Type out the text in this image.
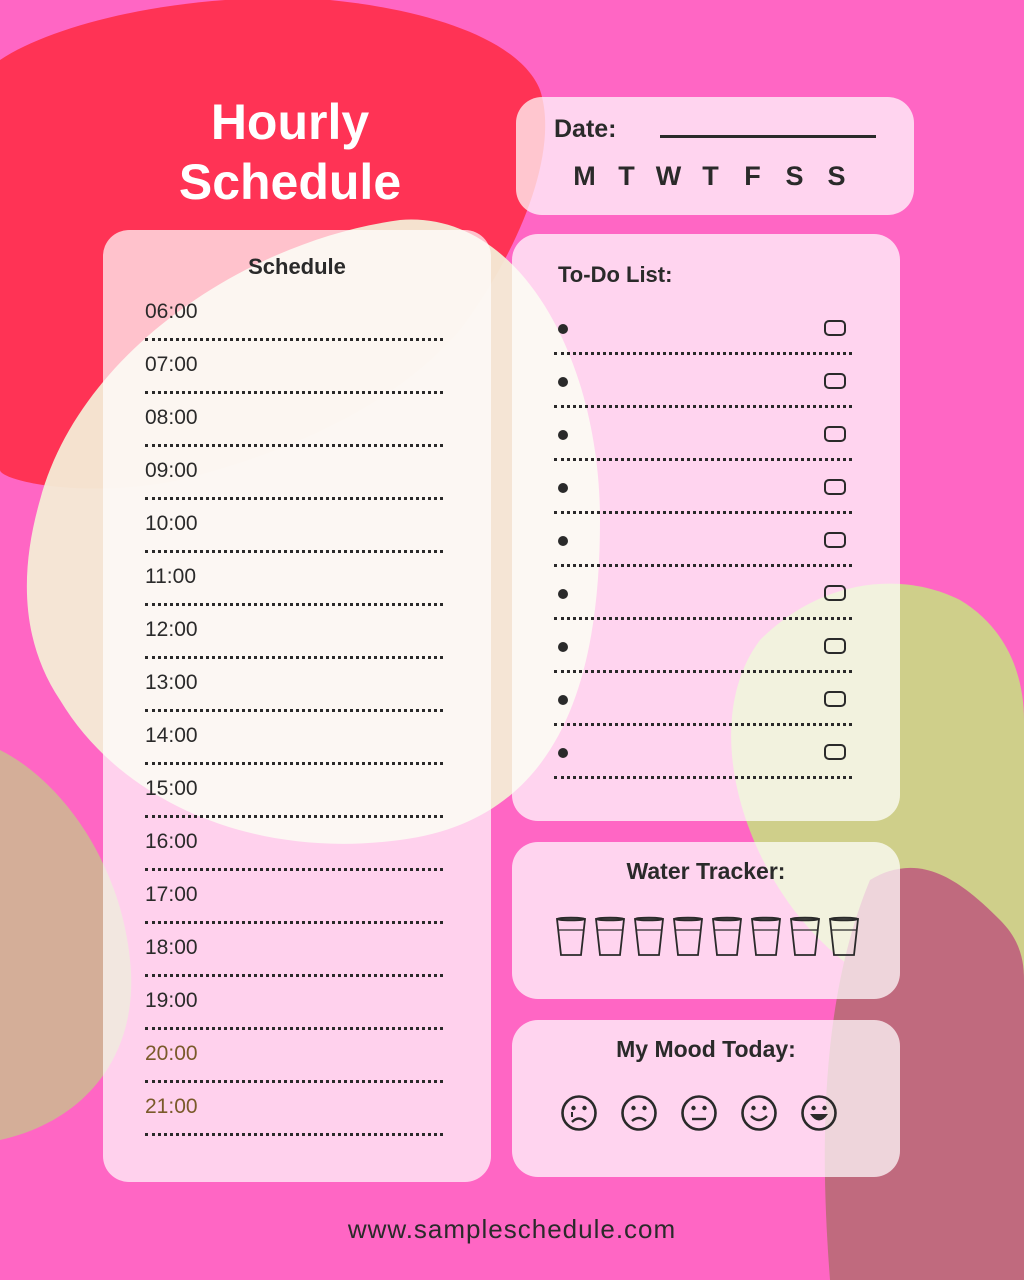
Hourly
Schedule
Date:
M T W T F S S
Schedule
06:00
07:00
08:00
09:00
10:00
11:00
12:00
13:00
14:00
15:00
16:00
17:00
18:00
19:00
20:00
21:00
To-Do List:
Water Tracker:
My Mood Today:
www.sampleschedule.com
